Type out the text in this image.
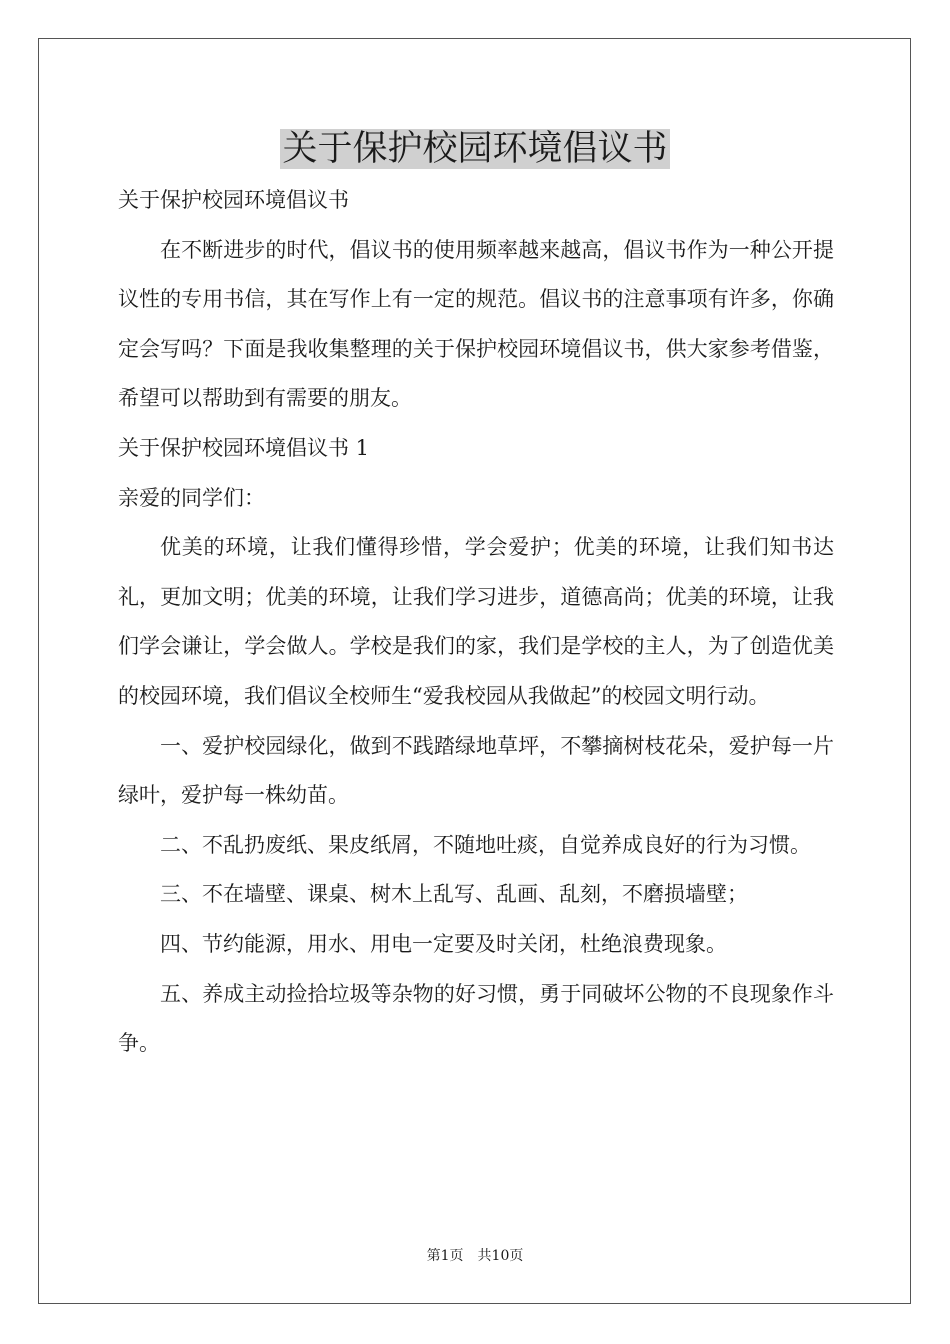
关于保护校园环境倡议书

关于保护校园环境倡议书

在不断进步的时代，倡议书的使用频率越来越高，倡议书作为一种公开提议性的专用书信，其在写作上有一定的规范。倡议书的注意事项有许多，你确定会写吗？下面是我收集整理的关于保护校园环境倡议书，供大家参考借鉴，希望可以帮助到有需要的朋友。

关于保护校园环境倡议书 1

亲爱的同学们：

优美的环境，让我们懂得珍惜，学会爱护；优美的环境，让我们知书达礼，更加文明；优美的环境，让我们学习进步，道德高尚；优美的环境，让我们学会谦让，学会做人。学校是我们的家，我们是学校的主人，为了创造优美的校园环境，我们倡议全校师生“爱我校园从我做起”的校园文明行动。

一、爱护校园绿化，做到不践踏绿地草坪，不攀摘树枝花朵，爱护每一片绿叶，爱护每一株幼苗。

二、不乱扔废纸、果皮纸屑，不随地吐痰，自觉养成良好的行为习惯。

三、不在墙壁、课桌、树木上乱写、乱画、乱刻，不磨损墙壁；

四、节约能源，用水、用电一定要及时关闭，杜绝浪费现象。

五、养成主动捡拾垃圾等杂物的好习惯，勇于同破坏公物的不良现象作斗争。

第1页 共10页
